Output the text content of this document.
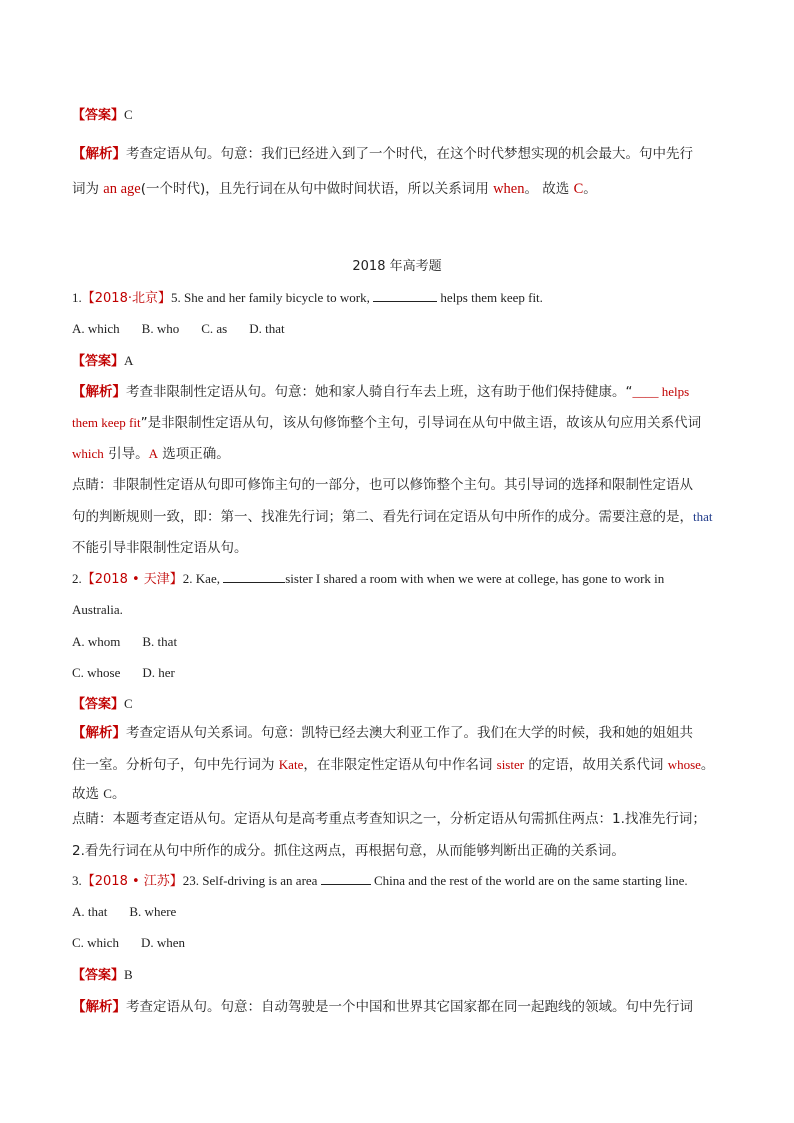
【答案】C
【解析】考查定语从句。句意：我们已经进入到了一个时代，在这个时代梦想实现的机会最大。句中先行
词为 an age(一个时代)，且先行词在从句中做时间状语，所以关系词用 when。 故选 C。
2018 年高考题
1.【2018·北京】5. She and her family bicycle to work,	helps them keep fit.
A. which B. who C. as D. that
【答案】A
【解析】考查非限制性定语从句。句意：她和家人骑自行车去上班，这有助于他们保持健康。“____ helps
them keep fit”是非限制性定语从句，该从句修饰整个主句，引导词在从句中做主语，故该从句应用关系代词
which 引导。A 选项正确。
点睛：非限制性定语从句即可修饰主句的一部分，也可以修饰整个主句。其引导词的选择和限制性定语从
句的判断规则一致，即：第一、找准先行词；第二、看先行词在定语从句中所作的成分。需要注意的是，that
不能引导非限制性定语从句。
2.【2018 • 天津】2. Kae,	sister I shared a room with when we were at college, has gone to work in
Australia.
A. whom B. that
C. whose D. her
【答案】C
【解析】考查定语从句关系词。句意：凯特已经去澳大利亚工作了。我们在大学的时候，我和她的姐姐共
住一室。分析句子，句中先行词为 Kate，在非限定性定语从句中作名词 sister 的定语，故用关系代词 whose。
故选 C。
点睛：本题考查定语从句。定语从句是高考重点考查知识之一，分析定语从句需抓住两点：1.找准先行词；
2.看先行词在从句中所作的成分。抓住这两点，再根据句意，从而能够判断出正确的关系词。
3.【2018 • 江苏】23. Self-driving is an area	China and the rest of the world are on the same starting line.
A. that B. where
C. which D. when
【答案】B
【解析】考查定语从句。句意：自动驾驶是一个中国和世界其它国家都在同一起跑线的领域。句中先行词
